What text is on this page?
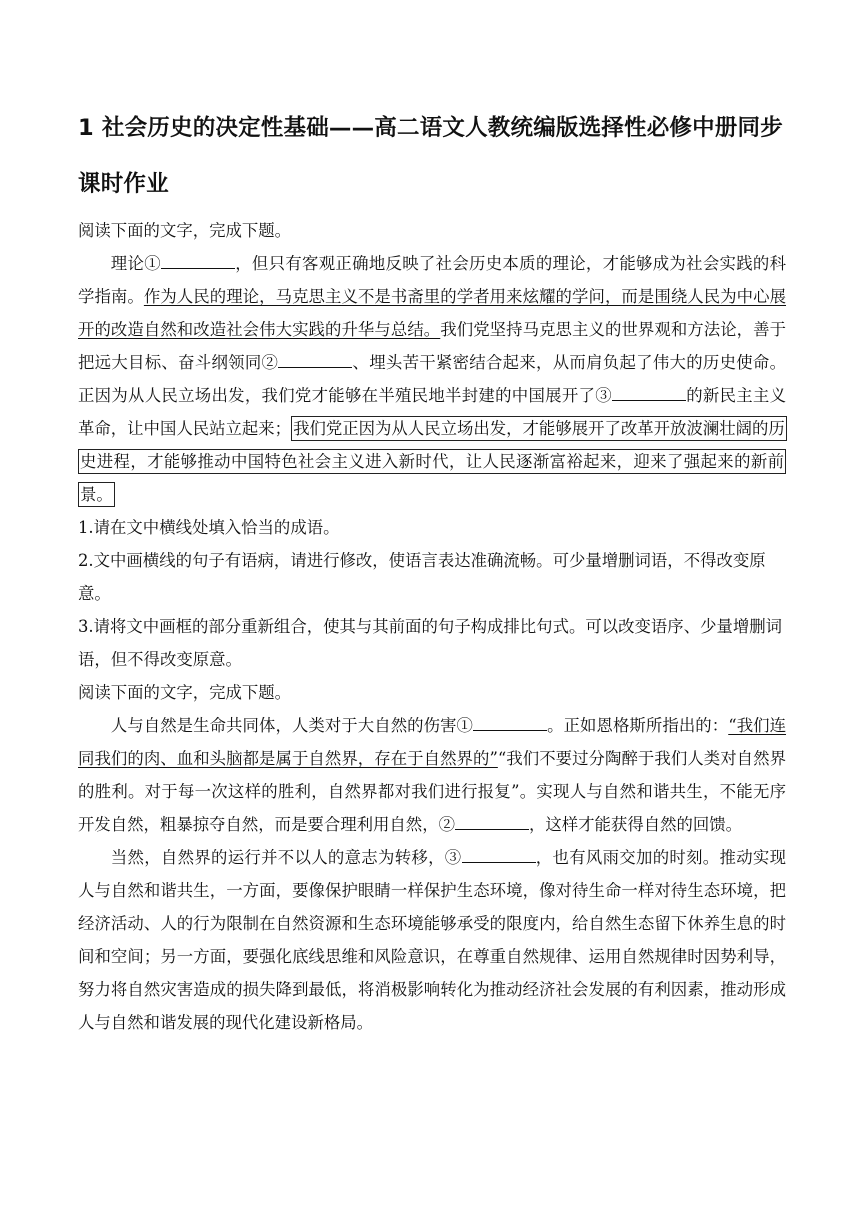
1 社会历史的决定性基础——高二语文人教统编版选择性必修中册同步课时作业

阅读下面的文字，完成下题。

理论①	，但只有客观正确地反映了社会历史本质的理论，才能够成为社会实践的科学指南。作为人民的理论，马克思主义不是书斋里的学者用来炫耀的学问，而是围绕人民为中心展开的改造自然和改造社会伟大实践的升华与总结。我们党坚持马克思主义的世界观和方法论，善于把远大目标、奋斗纲领同②	、埋头苦干紧密结合起来，从而肩负起了伟大的历史使命。正因为从人民立场出发，我们党才能够在半殖民地半封建的中国展开了③	的新民主主义革命，让中国人民站立起来； 我们党正因为从人民立场出发，才能够展开了改革开放波澜壮阔的历史进程，才能够推动中国特色社会主义进入新时代，让人民逐渐富裕起来，迎来了强起来的新前景。

1.请在文中横线处填入恰当的成语。

2.文中画横线的句子有语病，请进行修改，使语言表达准确流畅。可少量增删词语，不得改变原意。

3.请将文中画框的部分重新组合，使其与其前面的句子构成排比句式。可以改变语序、少量增删词语，但不得改变原意。

阅读下面的文字，完成下题。

人与自然是生命共同体，人类对于大自然的伤害①	。正如恩格斯所指出的：“我们连同我们的肉、血和头脑都是属于自然界，存在于自然界的”“我们不要过分陶醉于我们人类对自然界的胜利。对于每一次这样的胜利，自然界都对我们进行报复”。实现人与自然和谐共生，不能无序开发自然，粗暴掠夺自然，而是要合理利用自然，②	，这样才能获得自然的回馈。

当然，自然界的运行并不以人的意志为转移，③	，也有风雨交加的时刻。推动实现人与自然和谐共生，一方面，要像保护眼睛一样保护生态环境，像对待生命一样对待生态环境，把经济活动、人的行为限制在自然资源和生态环境能够承受的限度内，给自然生态留下休养生息的时间和空间；另一方面，要强化底线思维和风险意识，在尊重自然规律、运用自然规律时因势利导，努力将自然灾害造成的损失降到最低，将消极影响转化为推动经济社会发展的有利因素，推动形成人与自然和谐发展的现代化建设新格局。
